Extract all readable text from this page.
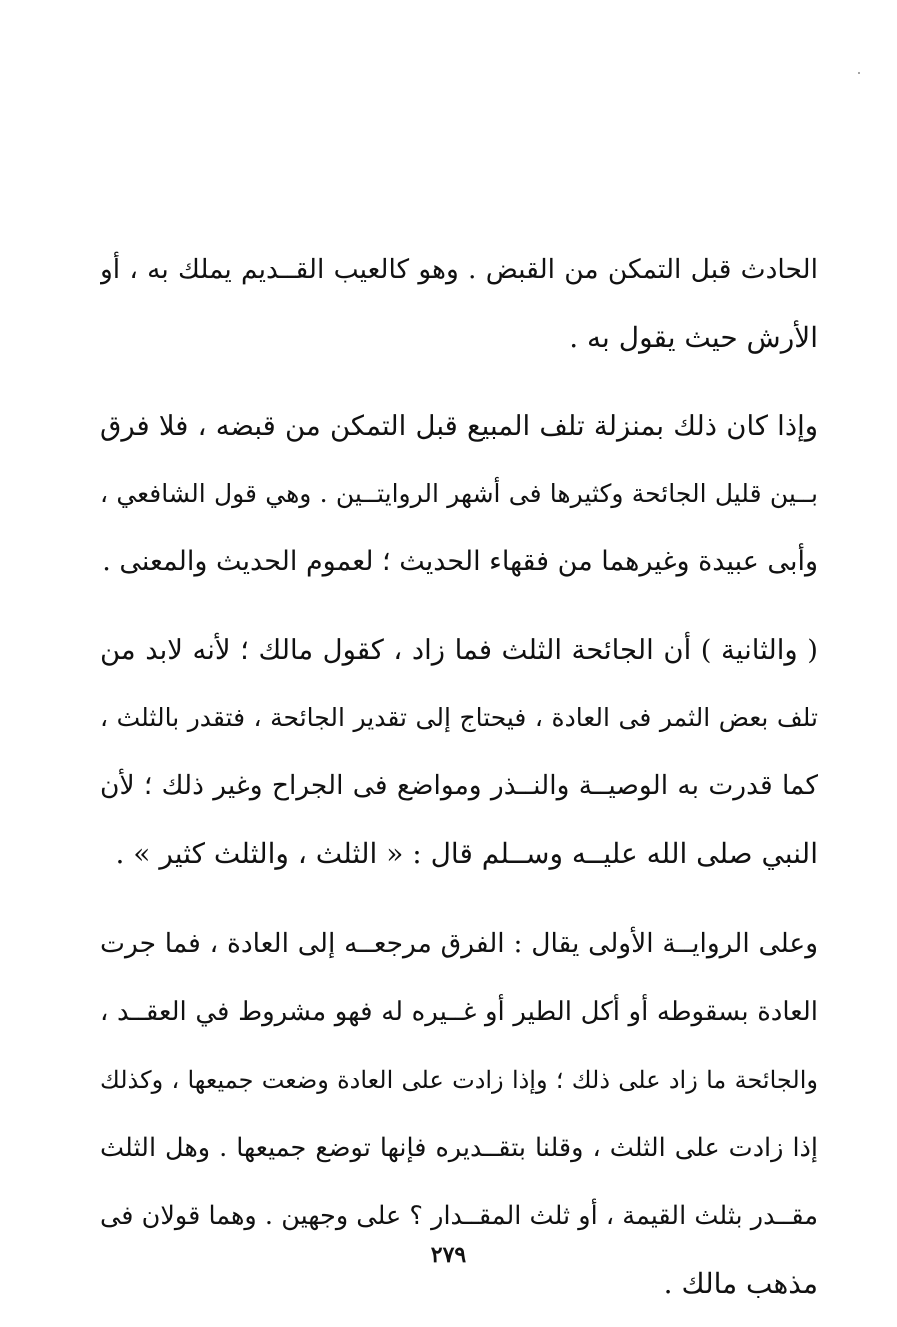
الحادث قبل التمكن من القبض . وهو كالعيب القــديم يملك به ، أو
الأرش حيث يقول به .
وإذا كان ذلك بمنزلة تلف المبيع قبل التمكن من قبضه ، فلا فرق
بــين قليل الجائحة وكثيرها فى أشهر الروايتــين . وهي قول الشافعي ،
وأبى عبيدة وغيرهما من فقهاء الحديث ؛ لعموم الحديث والمعنى .
( والثانية ) أن الجائحة الثلث فما زاد ، كقول مالك ؛ لأنه لابد من
تلف بعض الثمر فى العادة ، فيحتاج إلى تقدير الجائحة ، فتقدر بالثلث ،
كما قدرت به الوصيــة والنــذر ومواضع فى الجراح وغير ذلك ؛ لأن
النبي صلى الله عليــه وســلم قال : « الثلث ، والثلث كثير » .
وعلى الروايــة الأولى يقال : الفرق مرجعــه إلى العادة ، فما جرت
العادة بسقوطه أو أكل الطير أو غــيره له فهو مشروط في العقــد ،
والجائحة ما زاد على ذلك ؛ وإذا زادت على العادة وضعت جميعها ، وكذلك
إذا زادت على الثلث ، وقلنا بتقــديره فإنها توضع جميعها . وهل الثلث
مقــدر بثلث القيمة ، أو ثلث المقــدار ؟ على وجهين . وهما قولان فى
مذهب مالك .
٢٧٩
